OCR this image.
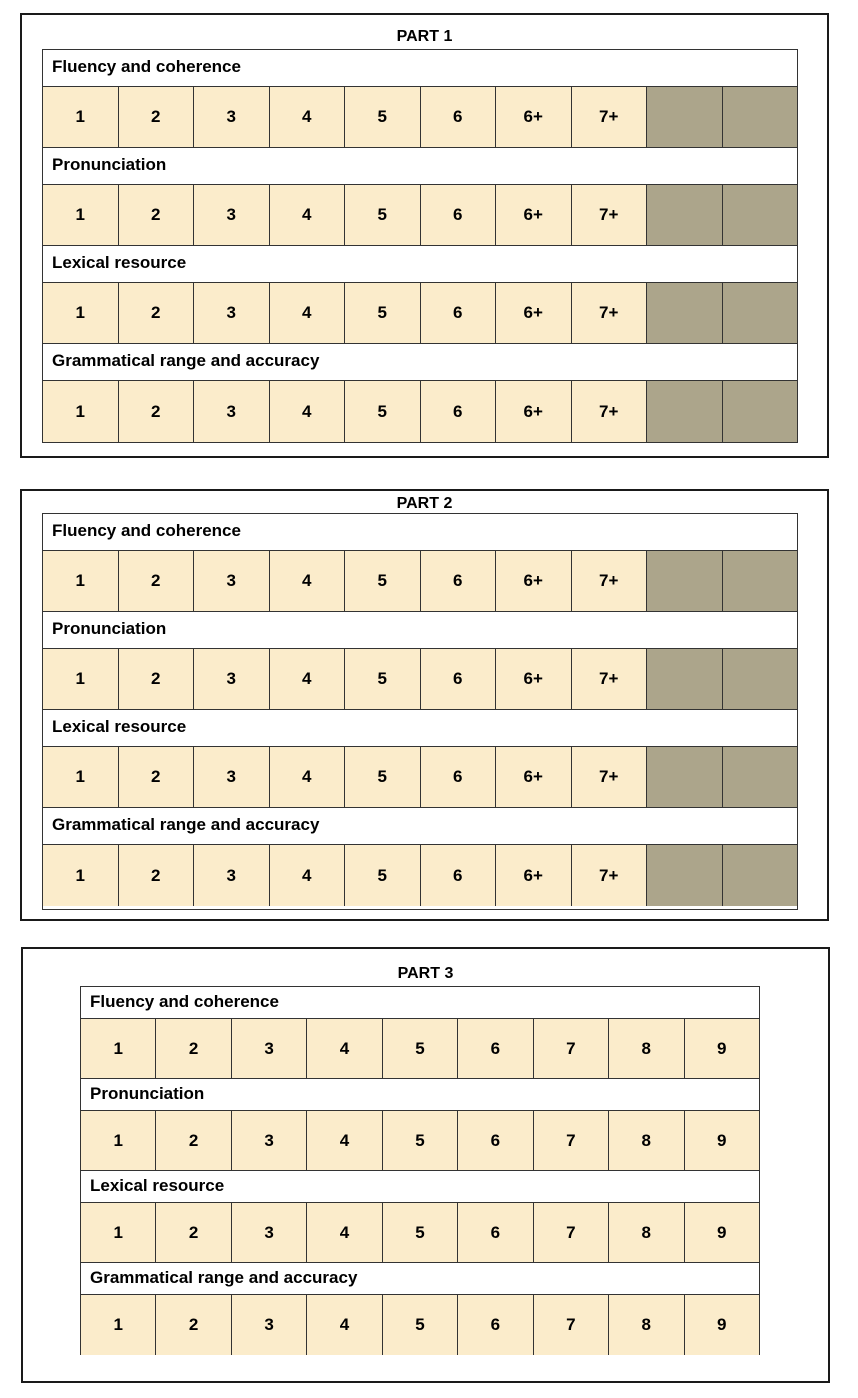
PART 1
Fluency and coherence
1	2	3	4	5	6	6+	7+
Pronunciation
1	2	3	4	5	6	6+	7+
Lexical resource
1	2	3	4	5	6	6+	7+
Grammatical range and accuracy
1	2	3	4	5	6	6+	7+
PART 2
Fluency and coherence
1	2	3	4	5	6	6+	7+
Pronunciation
1	2	3	4	5	6	6+	7+
Lexical resource
1	2	3	4	5	6	6+	7+
Grammatical range and accuracy
1	2	3	4	5	6	6+	7+
PART 3
Fluency and coherence
1	2	3	4	5	6	7	8	9
Pronunciation
1	2	3	4	5	6	7	8	9
Lexical resource
1	2	3	4	5	6	7	8	9
Grammatical range and accuracy
1	2	3	4	5	6	7	8	9
